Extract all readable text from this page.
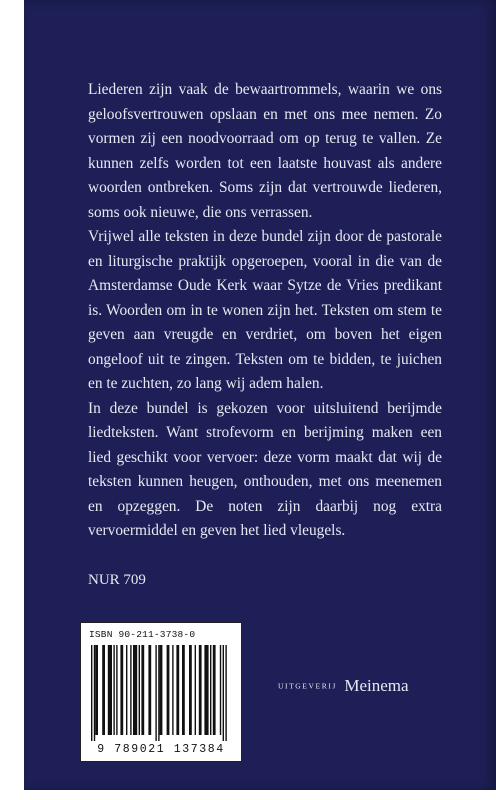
Liederen zijn vaak de bewaartrommels, waarin we ons geloofsvertrouwen opslaan en met ons mee nemen. Zo vormen zij een noodvoorraad om op terug te vallen. Ze kunnen zelfs worden tot een laatste houvast als andere woorden ontbreken. Soms zijn dat vertrouwde liederen, soms ook nieuwe, die ons verrassen.

Vrijwel alle teksten in deze bundel zijn door de pastorale en liturgische praktijk opgeroepen, vooral in die van de Amsterdamse Oude Kerk waar Sytze de Vries predikant is. Woorden om in te wonen zijn het. Teksten om stem te geven aan vreugde en verdriet, om boven het eigen ongeloof uit te zingen. Teksten om te bidden, te juichen en te zuchten, zo lang wij adem halen.

In deze bundel is gekozen voor uitsluitend berijmde liedteksten. Want strofevorm en berijming maken een lied geschikt voor vervoer: deze vorm maakt dat wij de teksten kunnen heugen, onthouden, met ons meenemen en opzeggen. De noten zijn daarbij nog extra vervoermiddel en geven het lied vleugels.

NUR 709
ISBN 90-211-3738-0
9 789021 137384
UITGEVERIJ Meinema
